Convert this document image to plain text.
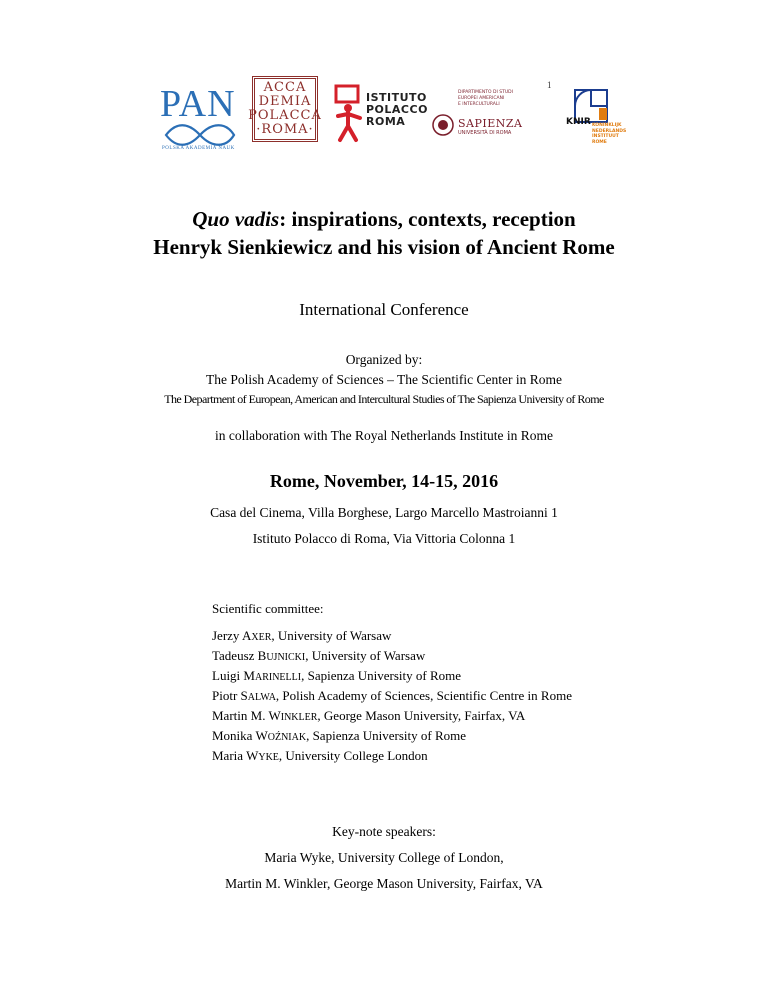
1
PAN
POLSKA AKADEMIA NAUK
ACCA
DEMIA
POLACCA
·ROMA·
ISTITUTO
POLACCO
ROMA
DIPARTIMENTO DI STUDI
EUROPEI AMERICANI
E INTERCULTURALI
SAPIENZA
UNIVERSITÀ DI ROMA
KNIR KONINKLIJK
NEDERLANDS
INSTITUUT
ROME
Quo vadis: inspirations, contexts, reception
Henryk Sienkiewicz and his vision of Ancient Rome
International Conference
Organized by:
The Polish Academy of Sciences – The Scientific Center in Rome
The Department of European, American and Intercultural Studies of The Sapienza University of Rome
in collaboration with The Royal Netherlands Institute in Rome
Rome, November, 14-15, 2016
Casa del Cinema, Villa Borghese, Largo Marcello Mastroianni 1
Istituto Polacco di Roma, Via Vittoria Colonna 1
Scientific committee:
Jerzy AXER, University of Warsaw
Tadeusz BUJNICKI, University of Warsaw
Luigi MARINELLI, Sapienza University of Rome
Piotr SALWA, Polish Academy of Sciences, Scientific Centre in Rome
Martin M. WINKLER, George Mason University, Fairfax, VA
Monika WOŹNIAK, Sapienza University of Rome
Maria WYKE, University College London
Key-note speakers:
Maria Wyke, University College of London,
Martin M. Winkler, George Mason University, Fairfax, VA
